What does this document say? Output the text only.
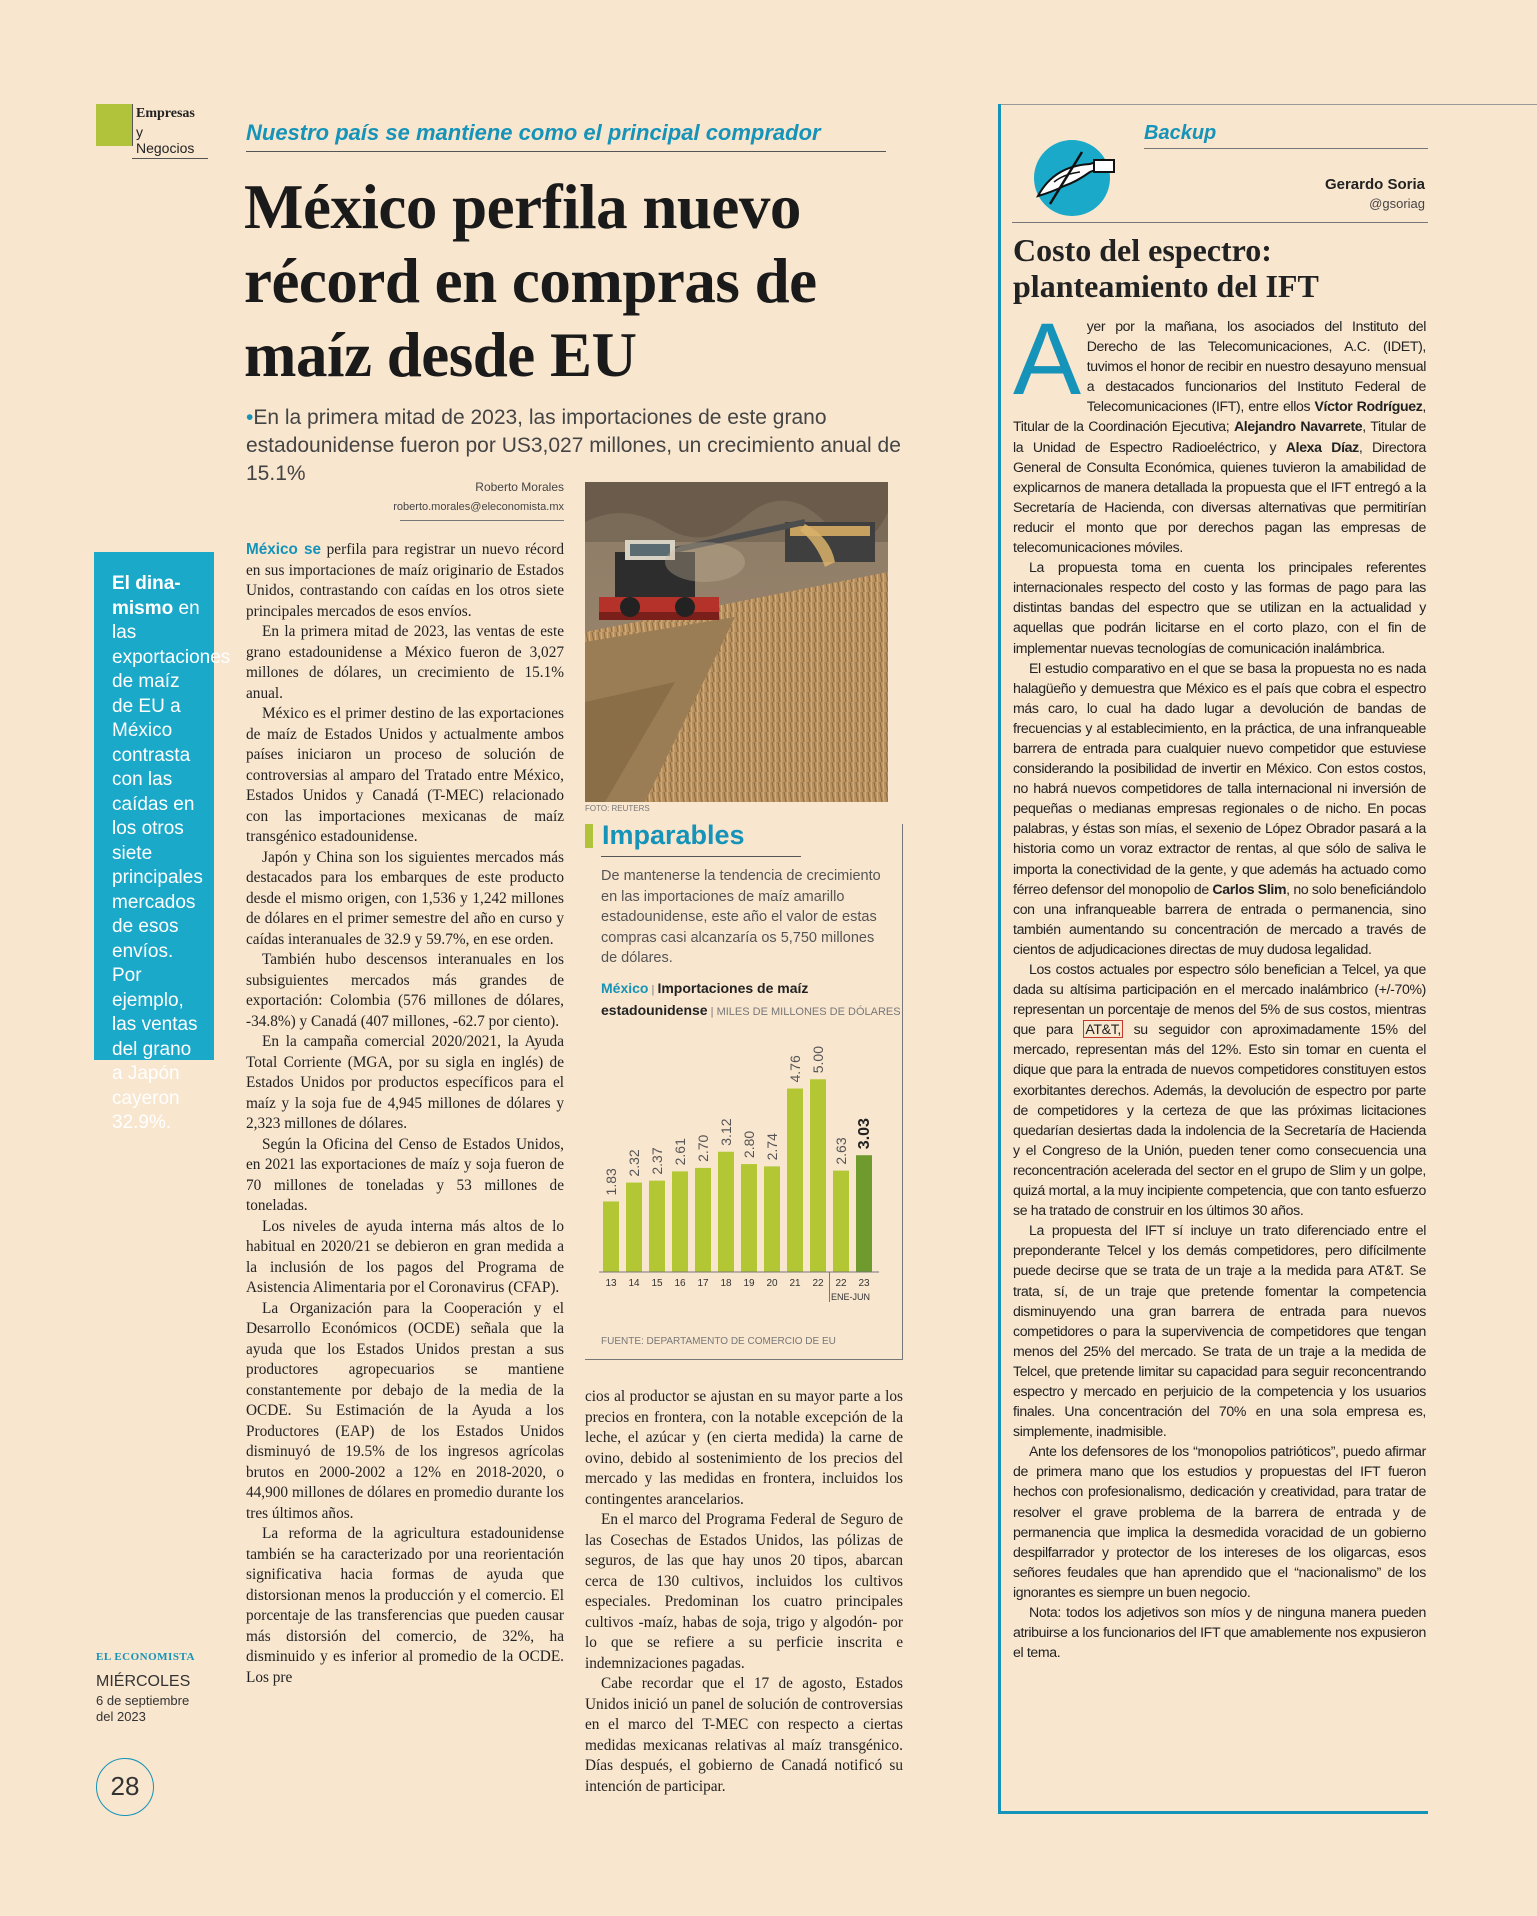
Empresas
y Negocios
Nuestro país se mantiene como el principal comprador
México perfila nuevo récord en compras de maíz desde EU
•En la primera mitad de 2023, las importaciones de este grano estadounidense fueron por US3,027 millones, un crecimiento anual de 15.1%
Roberto Morales
roberto.morales@eleconomista.mx
FOTO: REUTERS
El dina-mismo en las exportaciones de maíz de EU a México contrasta con las caídas en los otros siete principales mercados de esos envíos. Por ejemplo, las ventas del grano a Japón cayeron 32.9%.

México se perfila para registrar un nuevo récord en sus importaciones de maíz originario de Estados Unidos, contrastando con caídas en los otros siete principales mercados de esos envíos.

En la primera mitad de 2023, las ventas de este grano estadounidense a México fueron de 3,027 millones de dólares, un crecimiento de 15.1% anual.

México es el primer destino de las exportaciones de maíz de Estados Unidos y actualmente ambos países iniciaron un proceso de solución de controversias al amparo del Tratado entre México, Estados Unidos y Canadá (T-MEC) relacionado con las importaciones mexicanas de maíz transgénico estadounidense.

Japón y China son los siguientes mercados más destacados para los embarques de este producto desde el mismo origen, con 1,536 y 1,242 millones de dólares en el primer semestre del año en curso y caídas interanuales de 32.9 y 59.7%, en ese orden.

También hubo descensos interanuales en los subsiguientes mercados más grandes de exportación: Colombia (576 millones de dólares, -34.8%) y Canadá (407 millones, -62.7 por ciento).

En la campaña comercial 2020/2021, la Ayuda Total Corriente (MGA, por su sigla en inglés) de Estados Unidos por productos específicos para el maíz y la soja fue de 4,945 millones de dólares y 2,323 millones de dólares.

Según la Oficina del Censo de Estados Unidos, en 2021 las exportaciones de maíz y soja fueron de 70 millones de toneladas y 53 millones de toneladas.

Los niveles de ayuda interna más altos de lo habitual en 2020/21 se debieron en gran medida a la inclusión de los pagos del Programa de Asistencia Alimentaria por el Coronavirus (CFAP).

La Organización para la Cooperación y el Desarrollo Económicos (OCDE) señala que la ayuda que los Estados Unidos prestan a sus productores agropecuarios se mantiene constantemente por debajo de la media de la OCDE. Su Estimación de la Ayuda a los Productores (EAP) de los Estados Unidos disminuyó de 19.5% de los ingresos agrícolas brutos en 2000-2002 a 12% en 2018-2020, o 44,900 millones de dólares en promedio durante los tres últimos años.

La reforma de la agricultura estadounidense también se ha caracterizado por una reorientación significativa hacia formas de ayuda que distorsionan menos la producción y el comercio. El porcentaje de las transferencias que pueden causar más distorsión del comercio, de 32%, ha disminuido y es inferior al promedio de la OCDE. Los pre

Imparables
De mantenerse la tendencia de crecimiento en las importaciones de maíz amarillo estadounidense, este año el valor de estas compras casi alcanzaría os 5,750 millones de dólares.
México | Importaciones de maíz estadounidense | MILES DE MILLONES DE DÓLARES
1.83
13
2.32
14
2.37
15
2.61
16
2.70
17
3.12
18
2.80
19
2.74
20
4.76
21
5.00
22
2.63
22
3.03
23
ENE-JUN
FUENTE: DEPARTAMENTO DE COMERCIO DE EU

cios al productor se ajustan en su mayor parte a los precios en frontera, con la notable excepción de la leche, el azúcar y (en cierta medida) la carne de ovino, debido al sostenimiento de los precios del mercado y las medidas en frontera, incluidos los contingentes arancelarios.

En el marco del Programa Federal de Seguro de las Cosechas de Estados Unidos, las pólizas de seguros, de las que hay unos 20 tipos, abarcan cerca de 130 cultivos, incluidos los cultivos especiales. Predominan los cuatro principales cultivos -maíz, habas de soja, trigo y algodón- por lo que se refiere a su perficie inscrita e indemnizaciones pagadas.

Cabe recordar que el 17 de agosto, Estados Unidos inició un panel de solución de controversias en el marco del T-MEC con respecto a ciertas medidas mexicanas relativas al maíz transgénico. Días después, el gobierno de Canadá notificó su intención de participar.

Backup
Gerardo Soria
@gsoriag
Costo del espectro: planteamiento del IFT

Ayer por la mañana, los asociados del Instituto del Derecho de las Telecomunicaciones, A.C. (IDET), tuvimos el honor de recibir en nuestro desayuno mensual a destacados funcionarios del Instituto Federal de Telecomunicaciones (IFT), entre ellos Víctor Rodríguez, Titular de la Coordinación Ejecutiva; Alejandro Navarrete, Titular de la Unidad de Espectro Radioeléctrico, y Alexa Díaz, Directora General de Consulta Económica, quienes tuvieron la amabilidad de explicarnos de manera detallada la propuesta que el IFT entregó a la Secretaría de Hacienda, con diversas alternativas que permitirían reducir el monto que por derechos pagan las empresas de telecomunicaciones móviles.

La propuesta toma en cuenta los principales referentes internacionales respecto del costo y las formas de pago para las distintas bandas del espectro que se utilizan en la actualidad y aquellas que podrán licitarse en el corto plazo, con el fin de implementar nuevas tecnologías de comunicación inalámbrica.

El estudio comparativo en el que se basa la propuesta no es nada halagüeño y demuestra que México es el país que cobra el espectro más caro, lo cual ha dado lugar a devolución de bandas de frecuencias y al establecimiento, en la práctica, de una infranqueable barrera de entrada para cualquier nuevo competidor que estuviese considerando la posibilidad de invertir en México. Con estos costos, no habrá nuevos competidores de talla internacional ni inversión de pequeñas o medianas empresas regionales o de nicho. En pocas palabras, y éstas son mías, el sexenio de López Obrador pasará a la historia como un voraz extractor de rentas, al que sólo de saliva le importa la conectividad de la gente, y que además ha actuado como férreo defensor del monopolio de Carlos Slim, no solo beneficiándolo con una infranqueable barrera de entrada o permanencia, sino también aumentando su concentración de mercado a través de cientos de adjudicaciones directas de muy dudosa legalidad.

Los costos actuales por espectro sólo benefician a Telcel, ya que dada su altísima participación en el mercado inalámbrico (+/-70%) representan un porcentaje de menos del 5% de sus costos, mientras que para AT&T, su seguidor con aproximadamente 15% del mercado, representan más del 12%. Esto sin tomar en cuenta el dique que para la entrada de nuevos competidores constituyen estos exorbitantes derechos. Además, la devolución de espectro por parte de competidores y la certeza de que las próximas licitaciones quedarían desiertas dada la indolencia de la Secretaría de Hacienda y el Congreso de la Unión, pueden tener como consecuencia una reconcentración acelerada del sector en el grupo de Slim y un golpe, quizá mortal, a la muy incipiente competencia, que con tanto esfuerzo se ha tratado de construir en los últimos 30 años.

La propuesta del IFT sí incluye un trato diferenciado entre el preponderante Telcel y los demás competidores, pero difícilmente puede decirse que se trata de un traje a la medida para AT&T. Se trata, sí, de un traje que pretende fomentar la competencia disminuyendo una gran barrera de entrada para nuevos competidores o para la supervivencia de competidores que tengan menos del 25% del mercado. Se trata de un traje a la medida de Telcel, que pretende limitar su capacidad para seguir reconcentrando espectro y mercado en perjuicio de la competencia y los usuarios finales. Una concentración del 70% en una sola empresa es, simplemente, inadmisible.

Ante los defensores de los “monopolios patrióticos”, puedo afirmar de primera mano que los estudios y propuestas del IFT fueron hechos con profesionalismo, dedicación y creatividad, para tratar de resolver el grave problema de la barrera de entrada y de permanencia que implica la desmedida voracidad de un gobierno despilfarrador y protector de los intereses de los oligarcas, esos señores feudales que han aprendido que el “nacionalismo” de los ignorantes es siempre un buen negocio.

Nota: todos los adjetivos son míos y de ninguna manera pueden atribuirse a los funcionarios del IFT que amablemente nos expusieron el tema.

EL ECONOMISTA
MIÉRCOLES
6 de septiembre
del 2023
28
